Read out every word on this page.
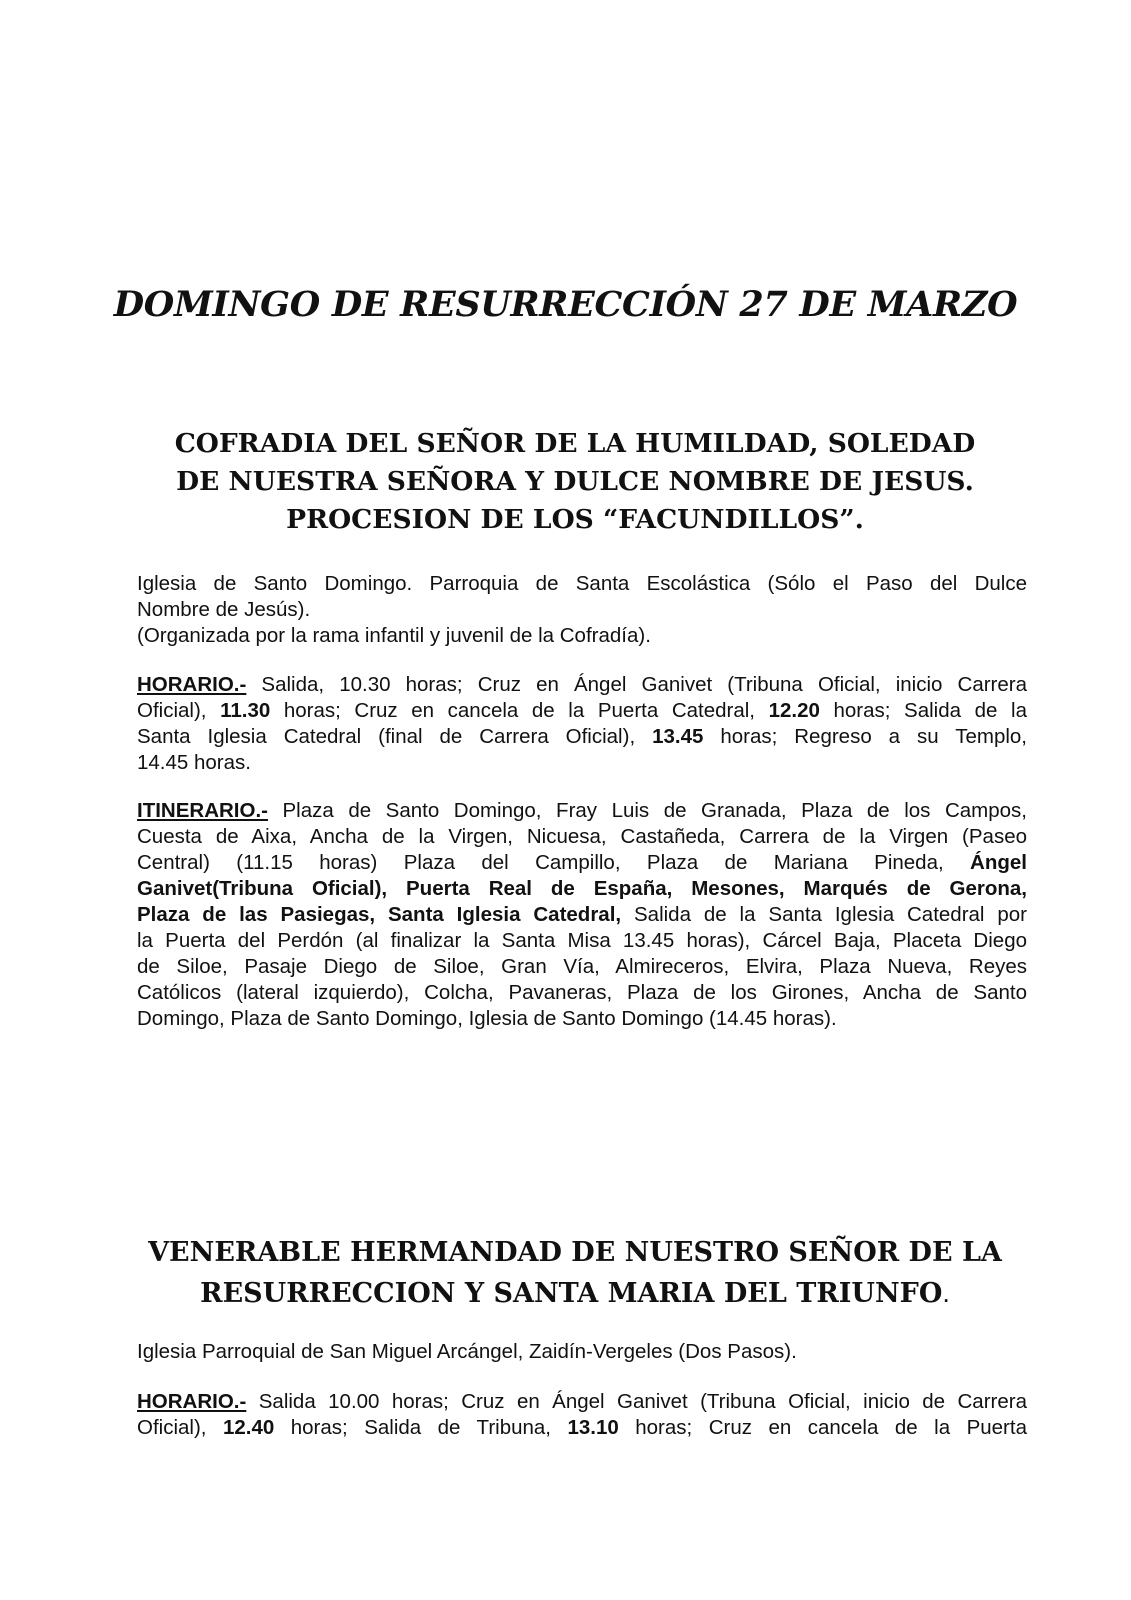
DOMINGO DE RESURRECCIÓN 27 DE MARZO
COFRADIA DEL SEÑOR DE LA HUMILDAD, SOLEDAD
DE NUESTRA SEÑORA Y DULCE NOMBRE DE JESUS.
PROCESION DE LOS “FACUNDILLOS”.

Iglesia de Santo Domingo. Parroquia de Santa Escolástica (Sólo el Paso del Dulce
Nombre de Jesús).
(Organizada por la rama infantil y juvenil de la Cofradía).

HORARIO.- Salida, 10.30 horas; Cruz en Ángel Ganivet (Tribuna Oficial, inicio Carrera
Oficial), 11.30 horas; Cruz en cancela de la Puerta Catedral, 12.20 horas; Salida de la
Santa Iglesia Catedral (final de Carrera Oficial), 13.45 horas; Regreso a su Templo,
14.45 horas.

ITINERARIO.- Plaza de Santo Domingo, Fray Luis de Granada, Plaza de los Campos,
Cuesta de Aixa, Ancha de la Virgen, Nicuesa, Castañeda, Carrera de la Virgen (Paseo
Central) (11.15 horas) Plaza del Campillo, Plaza de Mariana Pineda, Ángel
Ganivet(Tribuna Oficial), Puerta Real de España, Mesones, Marqués de Gerona,
Plaza de las Pasiegas, Santa Iglesia Catedral, Salida de la Santa Iglesia Catedral por
la Puerta del Perdón (al finalizar la Santa Misa 13.45 horas), Cárcel Baja, Placeta Diego
de Siloe, Pasaje Diego de Siloe, Gran Vía, Almireceros, Elvira, Plaza Nueva, Reyes
Católicos (lateral izquierdo), Colcha, Pavaneras, Plaza de los Girones, Ancha de Santo
Domingo, Plaza de Santo Domingo, Iglesia de Santo Domingo (14.45 horas).

VENERABLE HERMANDAD DE NUESTRO SEÑOR DE LA
RESURRECCION Y SANTA MARIA DEL TRIUNFO.

Iglesia Parroquial de San Miguel Arcángel, Zaidín-Vergeles (Dos Pasos).

HORARIO.- Salida 10.00 horas; Cruz en Ángel Ganivet (Tribuna Oficial, inicio de Carrera
Oficial), 12.40 horas; Salida de Tribuna, 13.10 horas; Cruz en cancela de la Puerta
